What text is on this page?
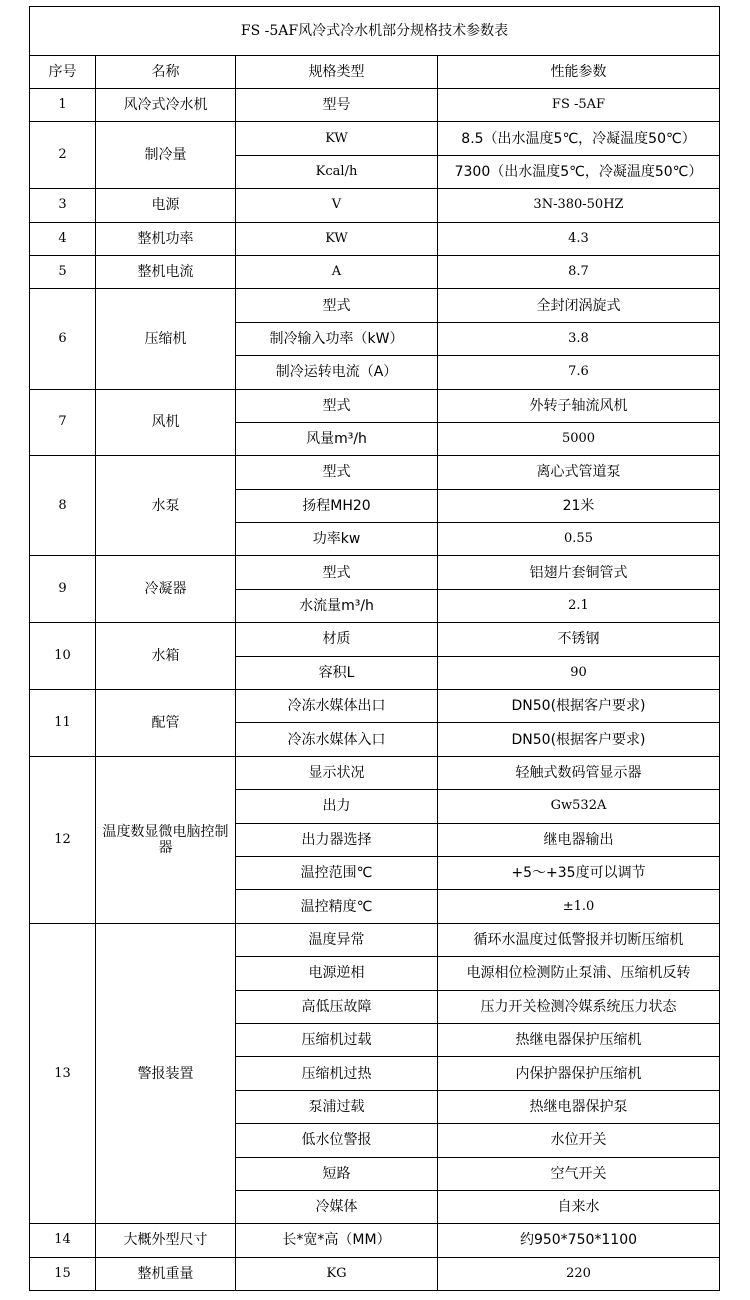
FS -5AF风冷式冷水机部分规格技术参数表			
序号	名称	规格类型	性能参数
1	风冷式冷水机	型号	FS -5AF
2	制冷量	KW	8.5（出水温度5℃，冷凝温度50℃）
		Kcal/h	7300（出水温度5℃，冷凝温度50℃）
3	电源	V	3N-380-50HZ
4	整机功率	KW	4.3
5	整机电流	A	8.7
6	压缩机	型式	全封闭涡旋式
		制冷输入功率（kW）	3.8
		制冷运转电流（A）	7.6
7	风机	型式	外转子轴流风机
		风量m³/h	5000
8	水泵	型式	离心式管道泵
		扬程MH20	21米
		功率kw	0.55
9	冷凝器	型式	铝翅片套铜管式
		水流量m³/h	2.1
10	水箱	材质	不锈钢
		容积L	90
11	配管	冷冻水媒体出口	DN50(根据客户要求)
		冷冻水媒体入口	DN50(根据客户要求)
12	温度数显微电脑控制器	显示状况	轻触式数码管显示器
		出力	Gw532A
		出力器选择	继电器输出
		温控范围℃	+5～+35度可以调节
		温控精度℃	±1.0
13	警报装置	温度异常	循环水温度过低警报并切断压缩机
		电源逆相	电源相位检测防止泵浦、压缩机反转
		高低压故障	压力开关检测冷媒系统压力状态
		压缩机过载	热继电器保护压缩机
		压缩机过热	内保护器保护压缩机
		泵浦过载	热继电器保护泵
		低水位警报	水位开关
		短路	空气开关
		冷媒体	自来水
14	大概外型尺寸	长*宽*高（MM）	约950*750*1100
15	整机重量	KG	220
